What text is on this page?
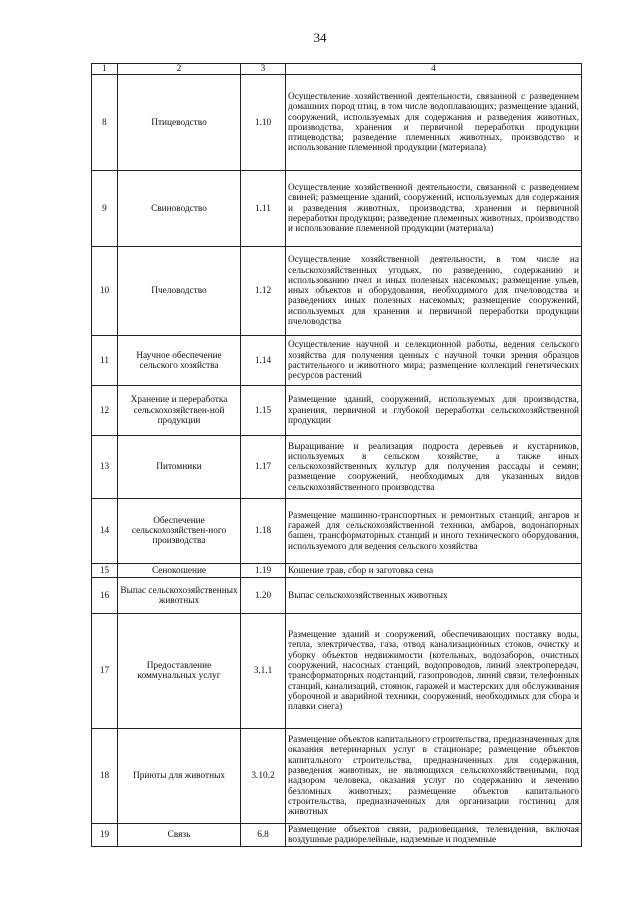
34
1	2	3	4
8	Птицеводство	1.10	Осуществление хозяйственной деятельности, связанной с разведением домашних пород птиц, в том числе водоплавающих; размещение зданий, сооружений, используемых для содержания и разведения животных, производства, хранения и первичной переработки продукции птицеводства; разведение племенных животных, производство и использование племенной продукции (материала)
9	Свиноводство	1.11	Осуществление хозяйственной деятельности, связанной с разведением свиней; размещение зданий, сооружений, используемых для содержания и разведения животных, производства, хранения и первичной переработки продукции; разведение племенных животных, производство и использование племенной продукции (материала)
10	Пчеловодство	1.12	Осуществление хозяйственной деятельности, в том числе на сельскохозяйственных угодьях, по разведению, содержанию и использованию пчел и иных полезных насекомых; размещение ульев, иных объектов и оборудования, необходимого для пчеловодства и разведениях иных полезных насекомых; размещение сооружений, используемых для хранения и первичной переработки продукции пчеловодства
11	Научное обеспечение сельского хозяйства	1.14	Осуществление научной и селекционной работы, ведения сельского хозяйства для получения ценных с научной точки зрения образцов растительного и животного мира; размещение коллекций генетических ресурсов растений
12	Хранение и переработка сельскохозяйствен-ной продукции	1.15	Размещение зданий, сооружений, используемых для производства, хранения, первичной и глубокой переработки сельскохозяйственной продукции
13	Питомники	1.17	Выращивание и реализация подроста деревьев и кустарников, используемых в сельском хозяйстве, а также иных сельскохозяйственных культур для получения рассады и семян; размещение сооружений, необходимых для указанных видов сельскохозяйственного производства
14	Обеспечение сельскохозяйствен-ного производства	1.18	Размещение машинно-транспортных и ремонтных станций, ангаров и гаражей для сельскохозяйственной техники, амбаров, водонапорных башен, трансформаторных станций и иного технического оборудования, используемого для ведения сельского хозяйства
15	Сенокошение	1.19	Кошение трав, сбор и заготовка сена
16	Выпас сельскохозяйственных животных	1.20	Выпас сельскохозяйственных животных
17	Предоставление коммунальных услуг	3.1.1	Размещение зданий и сооружений, обеспечивающих поставку воды, тепла, электричества, газа, отвод канализационных стоков, очистку и уборку объектов недвижимости (котельных, водозаборов, очистных сооружений, насосных станций, водопроводов, линий электропередач, трансформаторных подстанций, газопроводов, линий связи, телефонных станций, канализаций, стоянок, гаражей и мастерских для обслуживания уборочной и аварийной техники, сооружений, необходимых для сбора и плавки снега)
18	Приюты для животных	3.10.2	Размещение объектов капитального строительства, предназначенных для оказания ветеринарных услуг в стационаре; размещение объектов капитального строительства, предназначенных для содержания, разведения животных, не являющихся сельскохозяйственными, под надзором человека, оказания услуг по содержанию и лечению безломных животных; размещение объектов капитального строительства, предназначенных для организации гостиниц для животных
19	Связь	6.8	Размещение объектов связи, радиовещания, телевидения, включая воздушные радиорелейные, надземные и подземные
